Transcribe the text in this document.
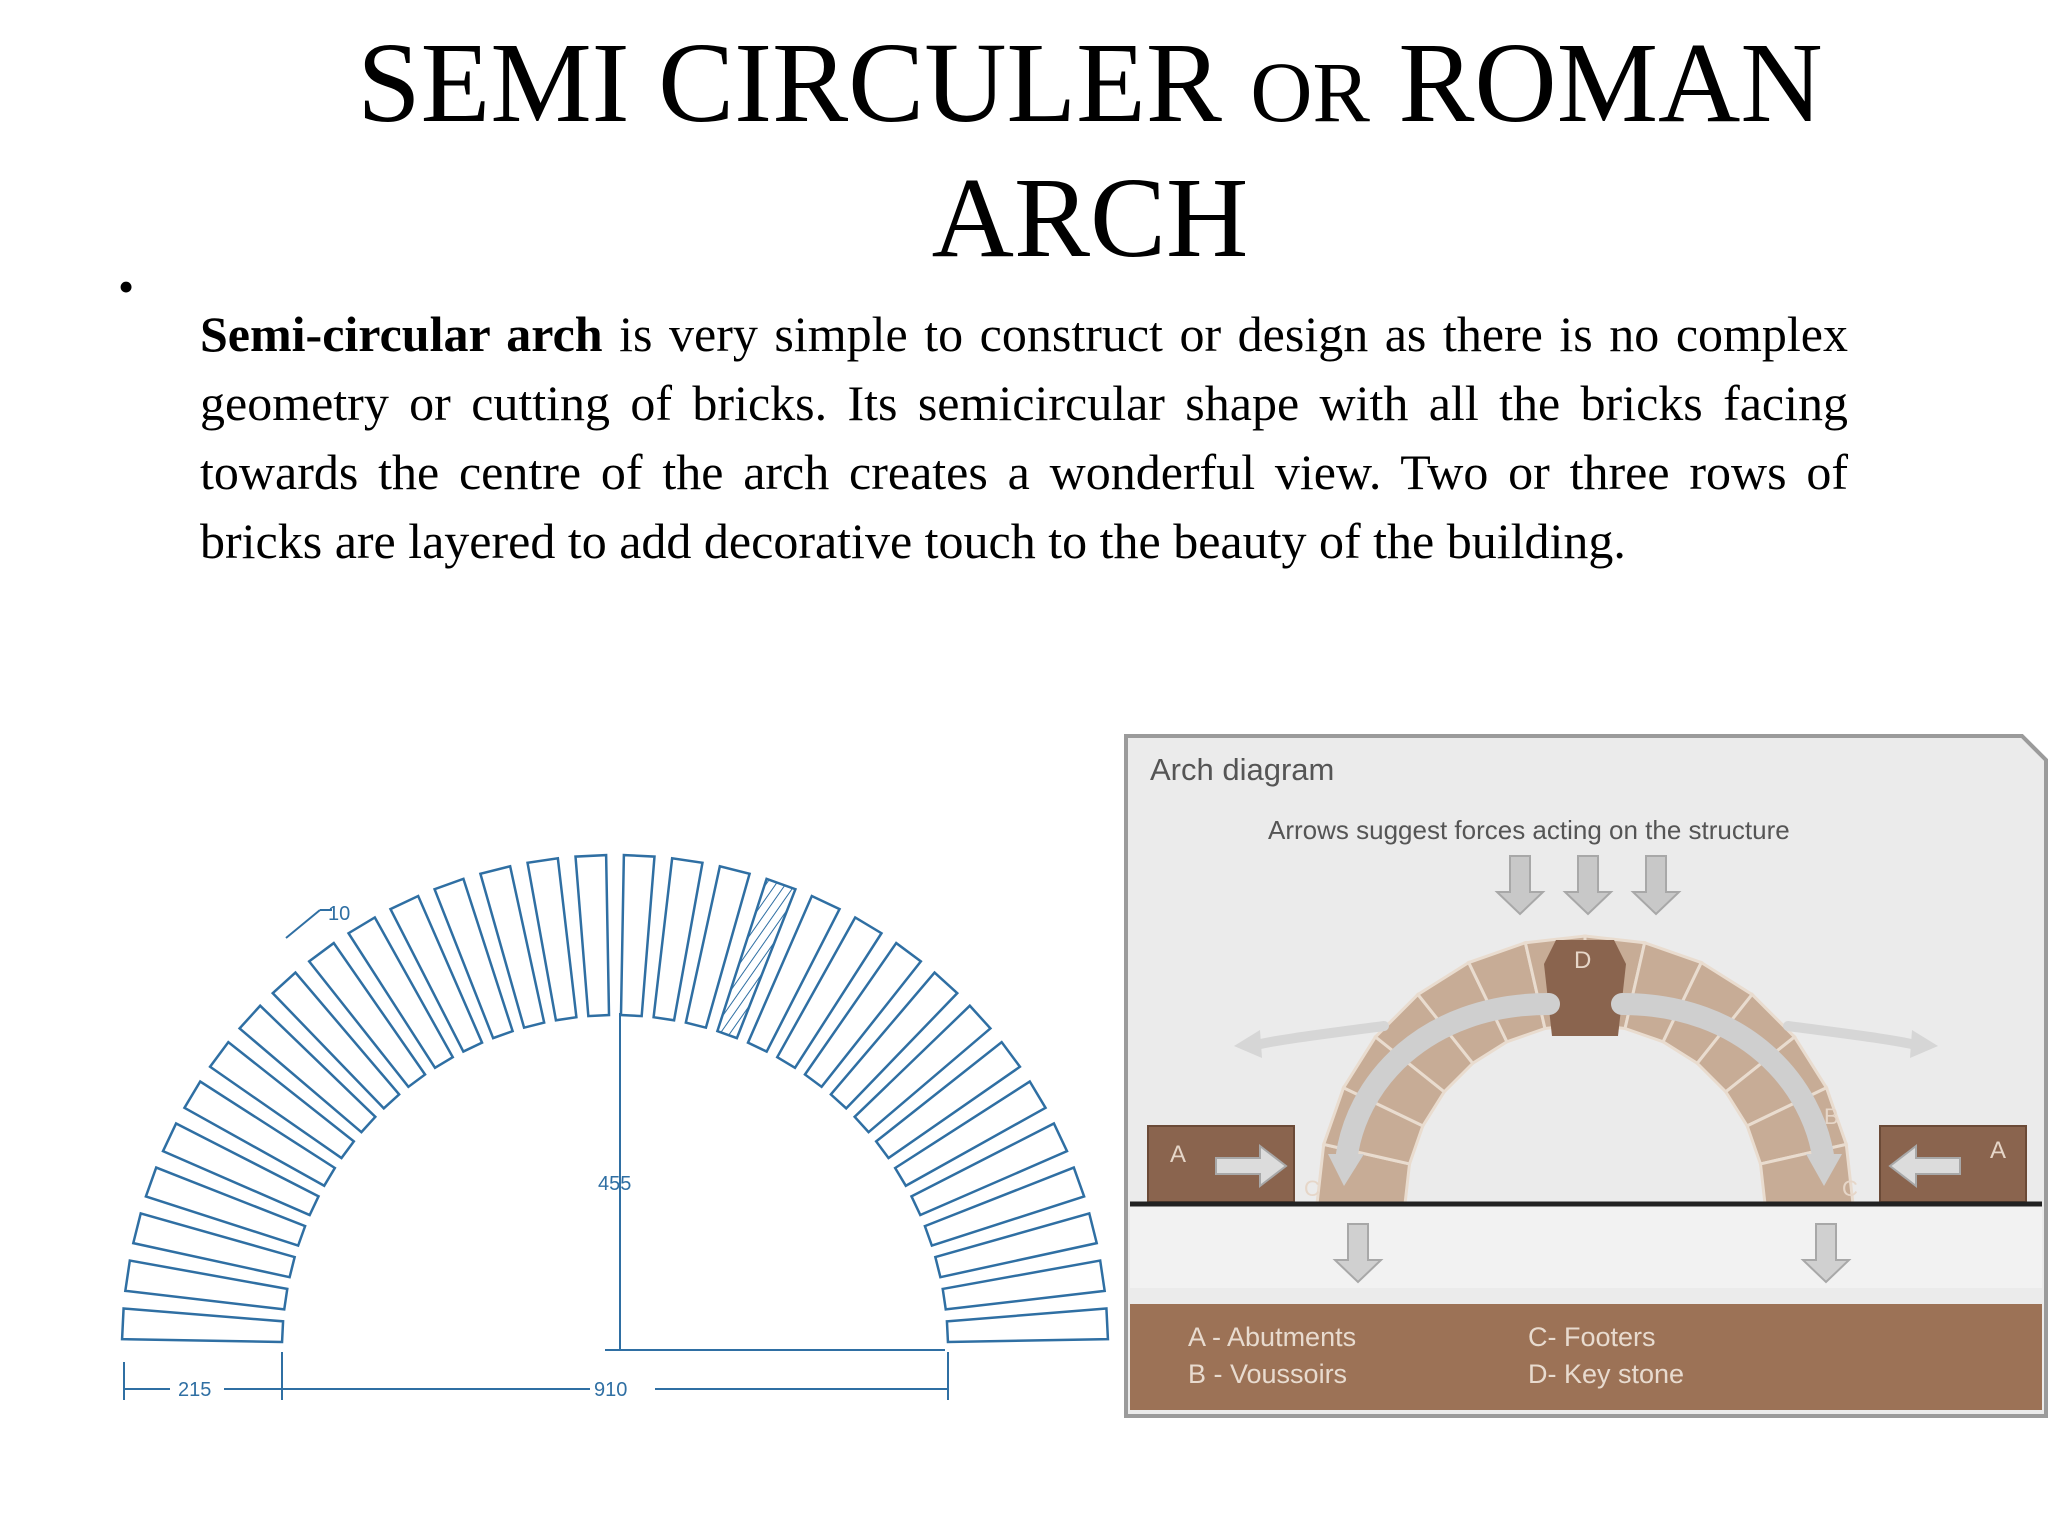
SEMI CIRCULER OR ROMAN
ARCH
•

Semi-circular arch is very simple to construct or design as there is no complex geometry or cutting of bricks. Its semicircular shape with all the bricks facing towards the centre of the arch creates a wonderful view. Two or three rows of bricks are layered to add decorative touch to the beauty of the building.

10
455
215	910
Arch diagram
Arrows suggest forces acting on the structure
D
A	A
B
C	C
A - Abutments
B - Voussoirs
C- Footers
D- Key stone
